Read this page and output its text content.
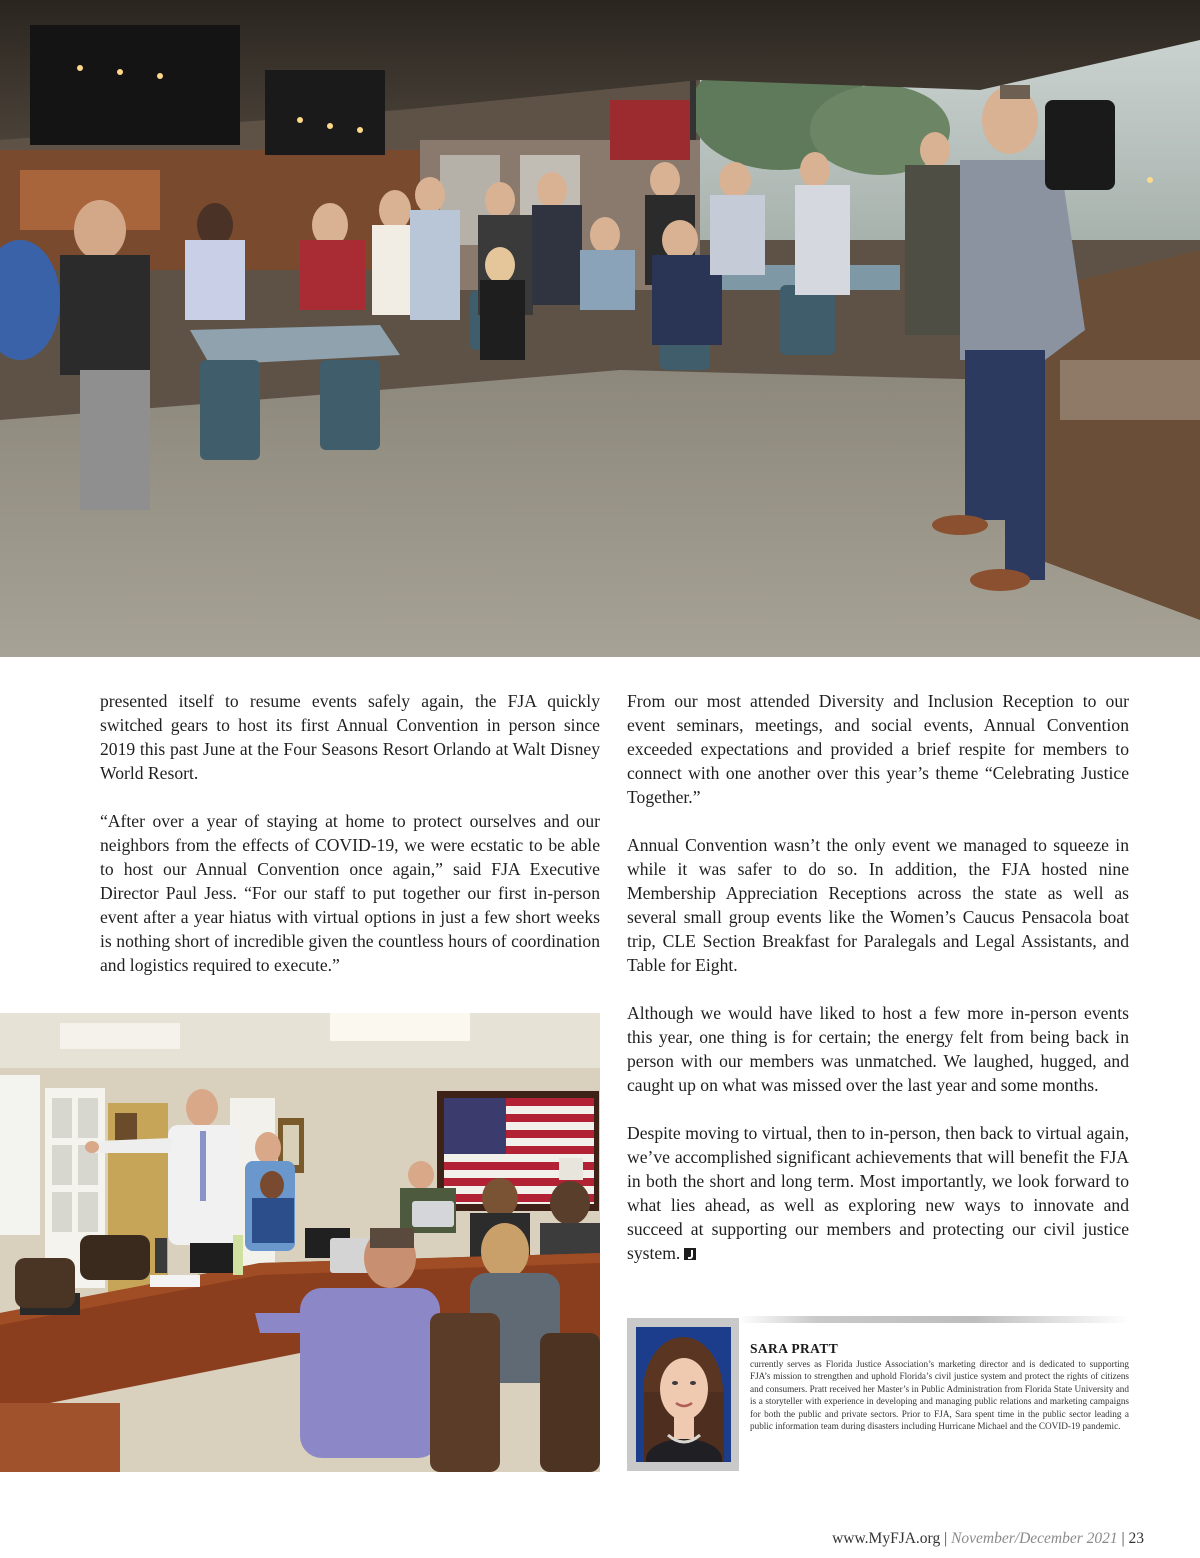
presented itself to resume events safely again, the FJA quickly switched gears to host its first Annual Convention in person since 2019 this past June at the Four Seasons Resort Orlando at Walt Disney World Resort.

“After over a year of staying at home to protect ourselves and our neighbors from the effects of COVID-19, we were ecstatic to be able to host our Annual Convention once again,” said FJA Executive Director Paul Jess. “For our staff to put together our first in-person event after a year hiatus with virtual options in just a few short weeks is nothing short of incredible given the countless hours of coordination and logistics required to execute.”

From our most attended Diversity and Inclusion Reception to our event seminars, meetings, and social events, Annual Convention exceeded expectations and provided a brief respite for members to connect with one another over this year’s theme “Celebrating Justice Together.”

Annual Convention wasn’t the only event we managed to squeeze in while it was safer to do so. In addition, the FJA hosted nine Membership Appreciation Receptions across the state as well as several small group events like the Women’s Caucus Pensacola boat trip, CLE Section Breakfast for Paralegals and Legal Assistants, and Table for Eight.

Although we would have liked to host a few more in-person events this year, one thing is for certain; the energy felt from being back in person with our members was unmatched. We laughed, hugged, and caught up on what was missed over the last year and some months.

Despite moving to virtual, then to in-person, then back to virtual again, we’ve accomplished significant achievements that will benefit the FJA in both the short and long term. Most importantly, we look forward to what lies ahead, as well as exploring new ways to innovate and succeed at supporting our members and protecting our civil justice system.

SARA PRATT
currently serves as Florida Justice Association’s marketing director and is dedicated to supporting FJA’s mission to strengthen and uphold Florida’s civil justice system and protect the rights of citizens and consumers. Pratt received her Master’s in Public Administration from Florida State University and is a storyteller with experience in developing and managing public relations and marketing campaigns for both the public and private sectors. Prior to FJA, Sara spent time in the public sector leading a public information team during disasters including Hurricane Michael and the COVID-19 pandemic.
www.MyFJA.org | November/December 2021 | 23
